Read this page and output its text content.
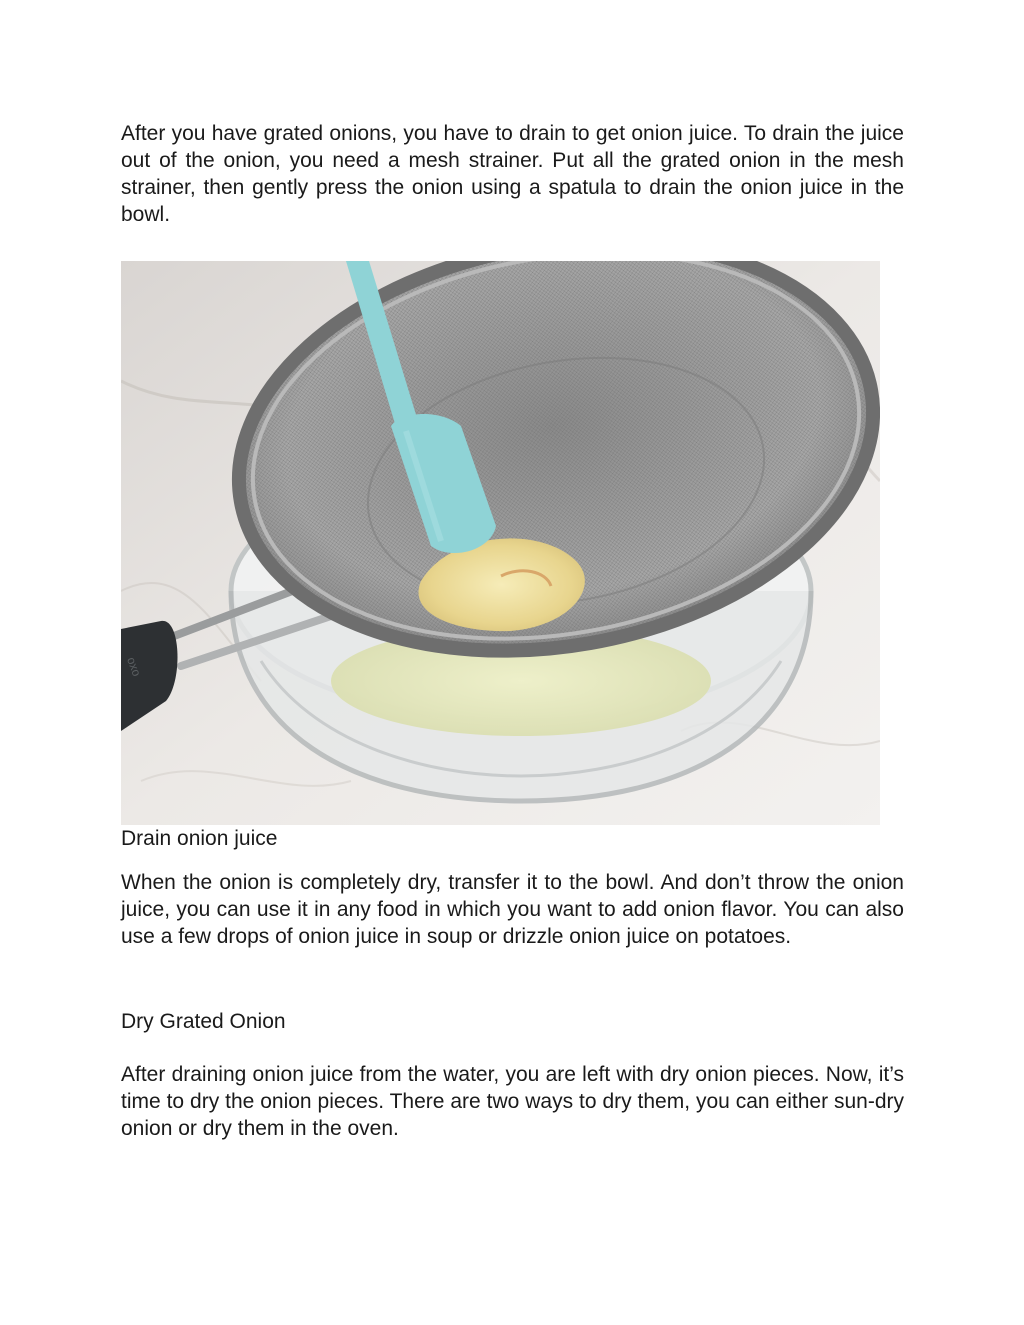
After you have grated onions, you have to drain to get onion juice. To drain the juice out of the onion, you need a mesh strainer. Put all the grated onion in the mesh strainer, then gently press the onion using a spatula to drain the onion juice in the bowl.

oxo

Drain onion juice

When the onion is completely dry, transfer it to the bowl. And don’t throw the onion juice, you can use it in any food in which you want to add onion flavor. You can also use a few drops of onion juice in soup or drizzle onion juice on potatoes.

Dry Grated Onion

After draining onion juice from the water, you are left with dry onion pieces. Now, it’s time to dry the onion pieces. There are two ways to dry them, you can either sun-dry onion or dry them in the oven.
